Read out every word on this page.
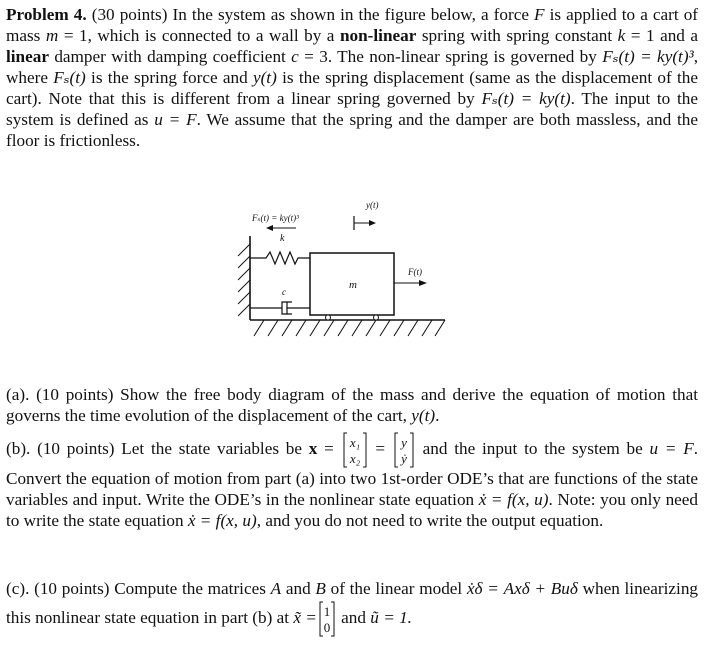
Problem 4. (30 points) In the system as shown in the figure below, a force F is applied to a cart of mass m = 1, which is connected to a wall by a non-linear spring with spring constant k = 1 and a linear damper with damping coefficient c = 3. The non-linear spring is governed by Fₛ(t) = ky(t)³, where Fₛ(t) is the spring force and y(t) is the spring displacement (same as the displacement of the cart). Note that this is different from a linear spring governed by Fₛ(t) = ky(t). The input to the system is defined as u = F. We assume that the spring and the damper are both massless, and the floor is frictionless.
Fₛ(t) = ky(t)³
k
c
m
F(t)
y(t)
(a). (10 points) Show the free body diagram of the mass and derive the equation of motion that governs the time evolution of the displacement of the cart, y(t).
(b). (10 points) Let the state variables be x = x₁
x₂
= y
ẏ
and the input to the system be u = F. Convert the equation of motion from part (a) into two 1st-order ODE’s that are functions of the state variables and input. Write the ODE’s in the nonlinear state equation ẋ = f(x, u). Note: you only need to write the state equation ẋ = f(x, u), and you do not need to write the output equation.
(c). (10 points) Compute the matrices A and B of the linear model ẋδ = Axδ + Buδ when linearizing this nonlinear state equation in part (b) at x̃ = 1
0
and ũ = 1.
